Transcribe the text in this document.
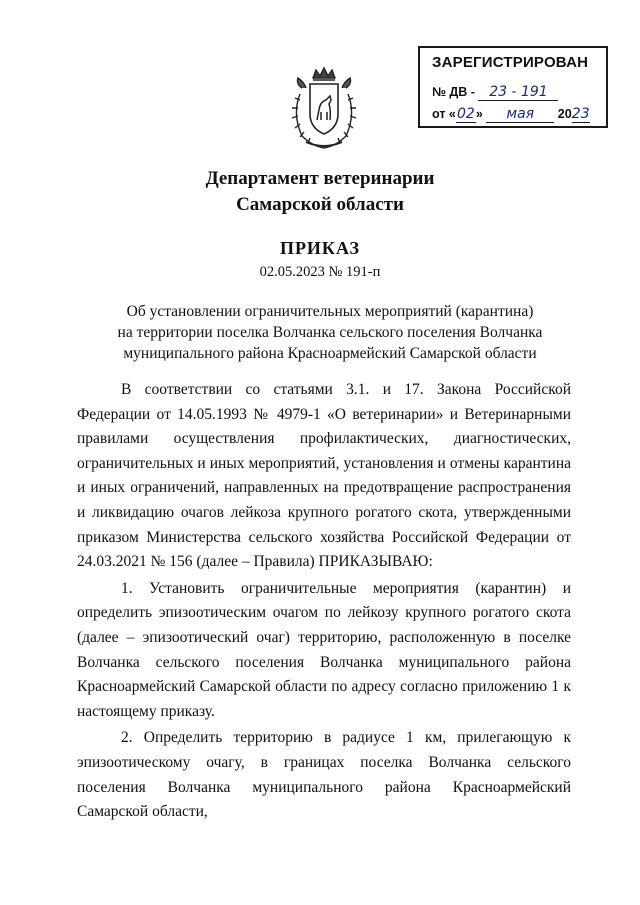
ЗАРЕГИСТРИРОВАН
№ ДВ - 23 - 191
от «02» мая 2023
Департамент ветеринарии
Самарской области
ПРИКАЗ
02.05.2023 № 191-п
Об установлении ограничительных мероприятий (карантина)
на территории поселка Волчанка сельского поселения Волчанка
муниципального района Красноармейский Самарской области

В соответствии со статьями 3.1. и 17. Закона Российской Федерации от 14.05.1993 № 4979-1 «О ветеринарии» и Ветеринарными правилами осуществления профилактических, диагностических, ограничительных и иных мероприятий, установления и отмены карантина и иных ограничений, направленных на предотвращение распространения и ликвидацию очагов лейкоза крупного рогатого скота, утвержденными приказом Министерства сельского хозяйства Российской Федерации от 24.03.2021 № 156 (далее – Правила) ПРИКАЗЫВАЮ:

1. Установить ограничительные мероприятия (карантин) и определить эпизоотическим очагом по лейкозу крупного рогатого скота (далее – эпизоотический очаг) территорию, расположенную в поселке Волчанка сельского поселения Волчанка муниципального района Красноармейский Самарской области по адресу согласно приложению 1 к настоящему приказу.

2. Определить территорию в радиусе 1 км, прилегающую к эпизоотическому очагу, в границах поселка Волчанка сельского поселения Волчанка муниципального района Красноармейский Самарской области,
